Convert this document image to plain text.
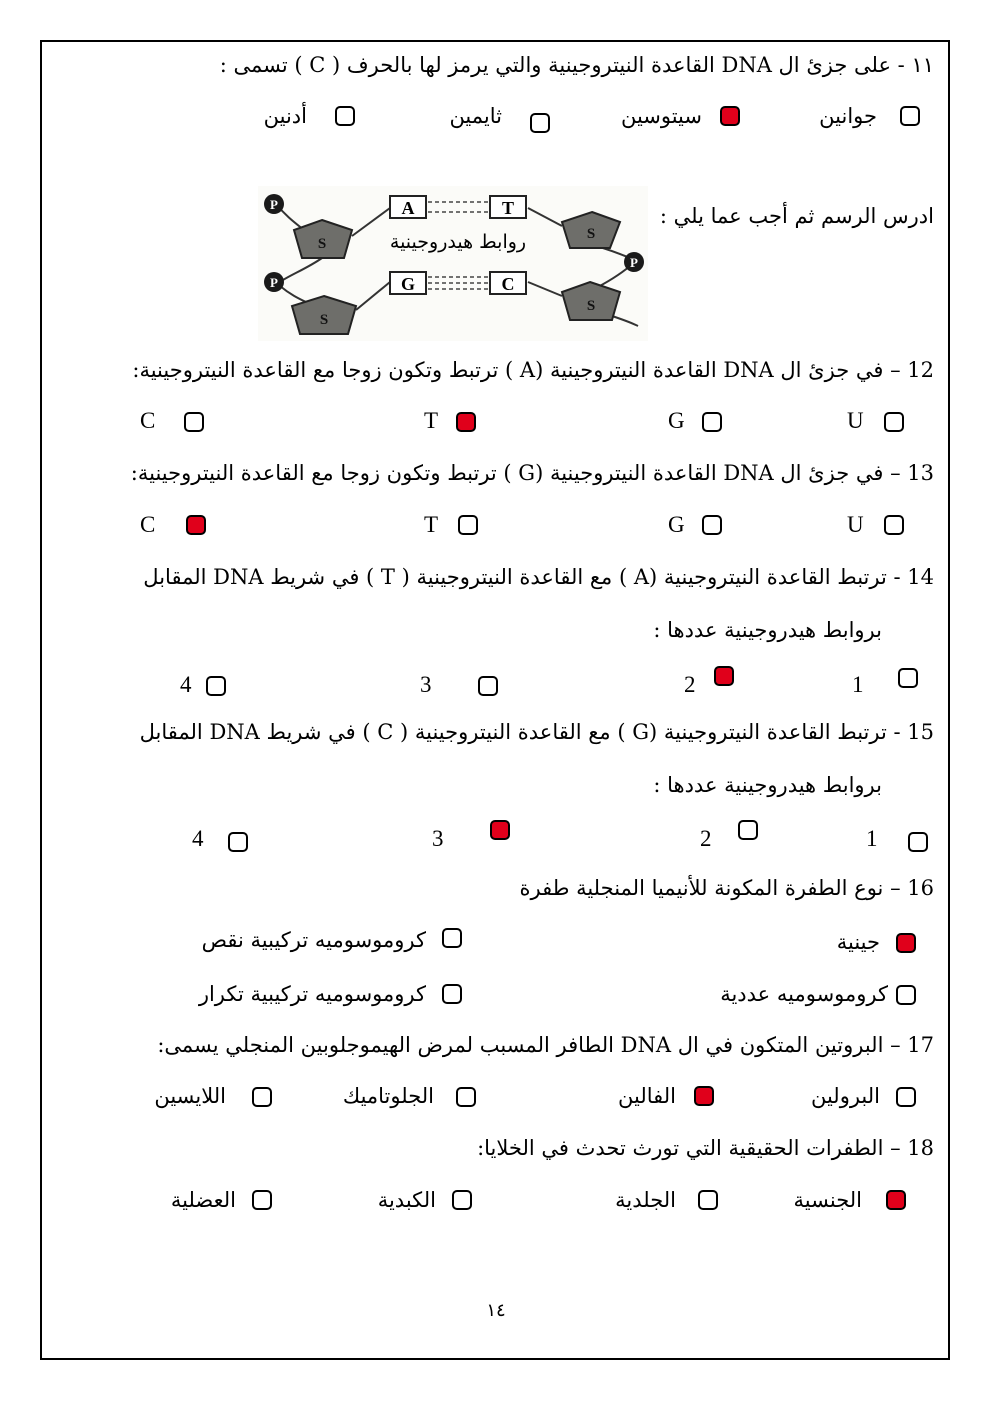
١١ - على جزئ ال DNA القاعدة النيتروجينية والتي يرمز لها بالحرف ( C ) تسمى :
جوانين
سيتوسين
ثايمين
أدنين
ادرس الرسم ثم أجب عما يلي :
P
P
P
S
S
S
S
A	T
G	C
روابط هيدروجينية
12 – في جزئ ال DNA القاعدة النيتروجينية (A ) ترتبط وتكون زوجا مع القاعدة النيتروجينية:
U
G
T
C
13 – في جزئ ال DNA القاعدة النيتروجينية (G ) ترتبط وتكون زوجا مع القاعدة النيتروجينية:
U
G
T
C
14 - ترتبط القاعدة النيتروجينية (A ) مع القاعدة النيتروجينية ( T ) في شريط DNA المقابل
بروابط هيدروجينية عددها :
1
2
3
4
15 - ترتبط القاعدة النيتروجينية (G ) مع القاعدة النيتروجينية ( C ) في شريط DNA المقابل
بروابط هيدروجينية عددها :
1
2
3
4
16 – نوع الطفرة المكونة للأنيميا المنجلية طفرة
جينية
كروموسوميه تركيبية نقص
كروموسوميه عددية
كروموسوميه تركيبية تكرار
17 – البروتين المتكون في ال DNA الطافر المسبب لمرض الهيموجلوبين المنجلي يسمى:
البرولين
الفالين
الجلوتاميك
اللايسين
18 – الطفرات الحقيقية التي تورث تحدث في الخلايا:
الجنسية
الجلدية
الكبدية
العضلية
١٤
